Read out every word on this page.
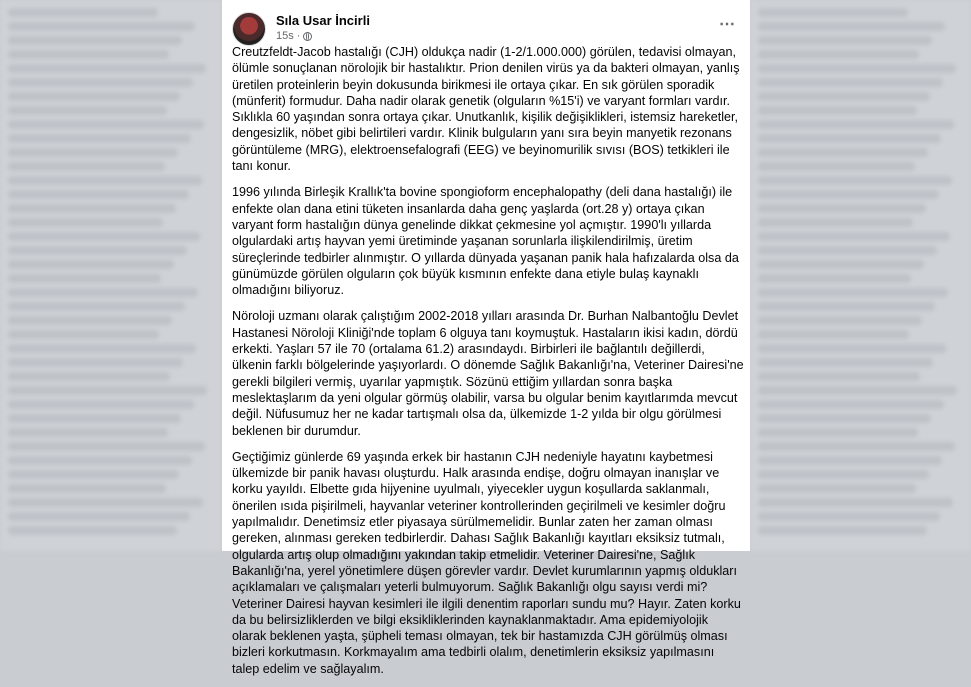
Sıla Usar İncirli
15s ·
⋯

Creutzfeldt-Jacob hastalığı (CJH) oldukça nadir (1-2/1.000.000) görülen, tedavisi olmayan, ölümle sonuçlanan nörolojik bir hastalıktır. Prion denilen virüs ya da bakteri olmayan, yanlış üretilen proteinlerin beyin dokusunda birikmesi ile ortaya çıkar. En sık görülen sporadik (münferit) formudur. Daha nadir olarak genetik (olguların %15'i) ve varyant formları vardır. Sıklıkla 60 yaşından sonra ortaya çıkar. Unutkanlık, kişilik değişiklikleri, istemsiz hareketler, dengesizlik, nöbet gibi belirtileri vardır. Klinik bulguların yanı sıra beyin manyetik rezonans görüntüleme (MRG), elektroensefalografi (EEG) ve beyinomurilik sıvısı (BOS) tetkikleri ile tanı konur.

1996 yılında Birleşik Krallık'ta bovine spongioform encephalopathy (deli dana hastalığı) ile enfekte olan dana etini tüketen insanlarda daha genç yaşlarda (ort.28 y) ortaya çıkan varyant form hastalığın dünya genelinde dikkat çekmesine yol açmıştır. 1990'lı yıllarda olgulardaki artış hayvan yemi üretiminde yaşanan sorunlarla ilişkilendirilmiş, üretim süreçlerinde tedbirler alınmıştır. O yıllarda dünyada yaşanan panik hala hafızalarda olsa da günümüzde görülen olguların çok büyük kısmının enfekte dana etiyle bulaş kaynaklı olmadığını biliyoruz.

Nöroloji uzmanı olarak çalıştığım 2002-2018 yılları arasında Dr. Burhan Nalbantoğlu Devlet Hastanesi Nöroloji Kliniği'nde toplam 6 olguya tanı koymuştuk. Hastaların ikisi kadın, dördü erkekti. Yaşları 57 ile 70 (ortalama 61.2) arasındaydı. Birbirleri ile bağlantılı değillerdi, ülkenin farklı bölgelerinde yaşıyorlardı. O dönemde Sağlık Bakanlığı'na, Veteriner Dairesi'ne gerekli bilgileri vermiş, uyarılar yapmıştık. Sözünü ettiğim yıllardan sonra başka meslektaşlarım da yeni olgular görmüş olabilir, varsa bu olgular benim kayıtlarımda mevcut değil. Nüfusumuz her ne kadar tartışmalı olsa da, ülkemizde 1-2 yılda bir olgu görülmesi beklenen bir durumdur.

Geçtiğimiz günlerde 69 yaşında erkek bir hastanın CJH nedeniyle hayatını kaybetmesi ülkemizde bir panik havası oluşturdu. Halk arasında endişe, doğru olmayan inanışlar ve korku yayıldı. Elbette gıda hijyenine uyulmalı, yiyecekler uygun koşullarda saklanmalı, önerilen ısıda pişirilmeli, hayvanlar veteriner kontrollerinden geçirilmeli ve kesimler doğru yapılmalıdır. Denetimsiz etler piyasaya sürülmemelidir. Bunlar zaten her zaman olması gereken, alınması gereken tedbirlerdir. Dahası Sağlık Bakanlığı kayıtları eksiksiz tutmalı, olgularda artış olup olmadığını yakından takip etmelidir. Veteriner Dairesi'ne, Sağlık Bakanlığı'na, yerel yönetimlere düşen görevler vardır. Devlet kurumlarının yapmış oldukları açıklamaları ve çalışmaları yeterli bulmuyorum. Sağlık Bakanlığı olgu sayısı verdi mi? Veteriner Dairesi hayvan kesimleri ile ilgili denentim raporları sundu mu? Hayır. Zaten korku da bu belirsizliklerden ve bilgi eksikliklerinden kaynaklanmaktadır. Ama epidemiyolojik olarak beklenen yaşta, şüpheli teması olmayan, tek bir hastamızda CJH görülmüş olması bizleri korkutmasın. Korkmayalım ama tedbirli olalım, denetimlerin eksiksiz yapılmasını talep edelim ve sağlayalım.
